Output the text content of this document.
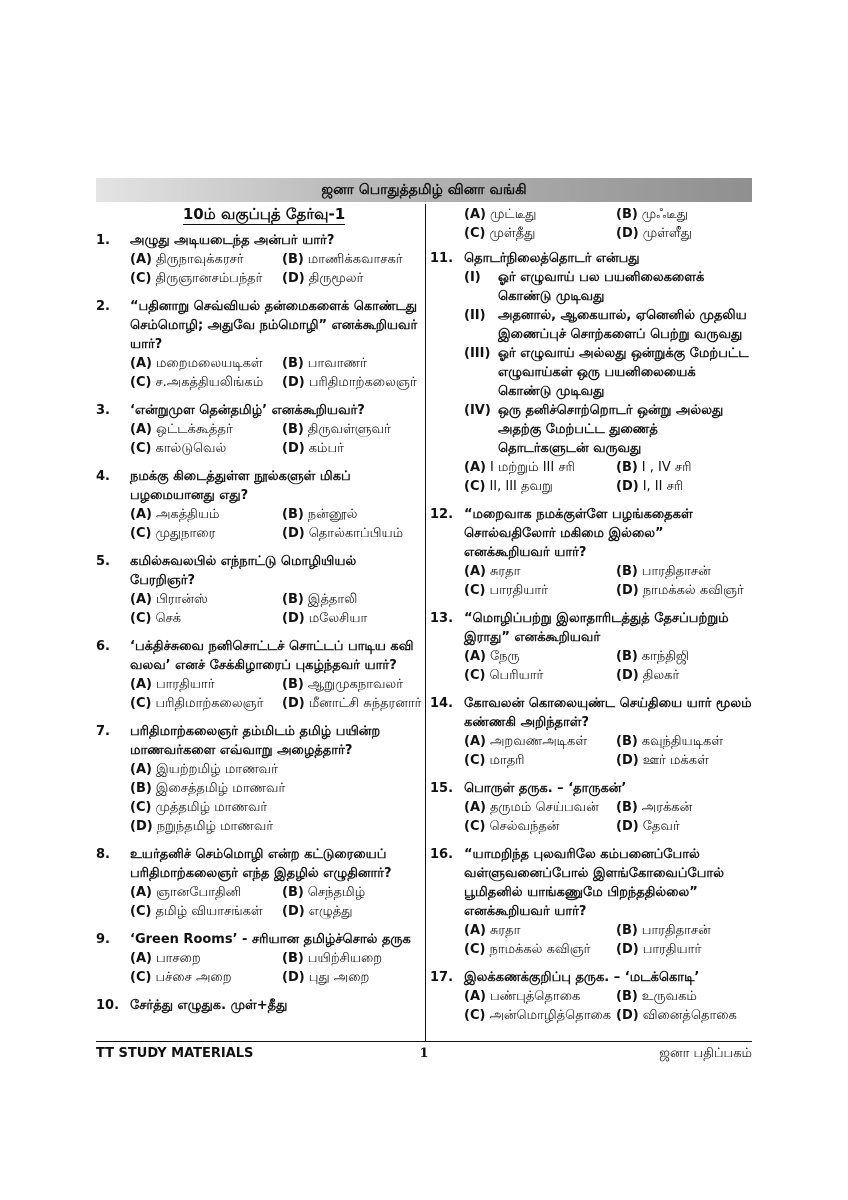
ஜனா பொதுத்தமிழ் வினா வங்கி
10ம் வகுப்புத் தேர்வு-1
1. அழுது அடியடைந்த அன்பர் யார்?
(A) திருநாவுக்கரசர்	(B) மாணிக்கவாசகர்
(C) திருஞானசம்பந்தர்	(D) திருமூலர்
2. “பதினாறு செவ்வியல் தன்மைகளைக் கொண்டது செம்மொழி; அதுவே நம்மொழி” எனக்கூறியவர் யார்?
(A) மறைமலையடிகள்	(B) பாவாணர்
(C) ச.அகத்தியலிங்கம்	(D) பரிதிமாற்கலைஞர்
3. ‘என்றுமுள தென்தமிழ்’ எனக்கூறியவர்?
(A) ஒட்டக்கூத்தர்	(B) திருவள்ளுவர்
(C) கால்டுவெல்	(D) கம்பர்
4. நமக்கு கிடைத்துள்ள நூல்களுள் மிகப் பழமையானது எது?
(A) அகத்தியம்	(B) நன்னூல்
(C) முதுநாரை	(D) தொல்காப்பியம்
5. கமில்சுவலபில் எந்நாட்டு மொழியியல் பேரறிஞர்?
(A) பிரான்ஸ்	(B) இத்தாலி
(C) செக்	(D) மலேசியா
6. ‘பக்திச்சுவை நனிசொட்டச் சொட்டப் பாடிய கவி வலவ’ எனச் சேக்கிழாரைப் புகழ்ந்தவர் யார்?
(A) பாரதியார்	(B) ஆறுமுகநாவலர்
(C) பரிதிமாற்கலைஞர்	(D) மீனாட்சி சுந்தரனார்
7. பரிதிமாற்கலைஞர் தம்மிடம் தமிழ் பயின்ற மாணவர்களை எவ்வாறு அழைத்தார்?
(A) இயற்றமிழ் மாணவர்
(B) இசைத்தமிழ் மாணவர்
(C) முத்தமிழ் மாணவர்
(D) நறுந்தமிழ் மாணவர்
8. உயர்தனிச் செம்மொழி என்ற கட்டுரையைப் பரிதிமாற்கலைஞர் எந்த இதழில் எழுதினார்?
(A) ஞானபோதினி	(B) செந்தமிழ்
(C) தமிழ் வியாசங்கள்	(D) எழுத்து
9. ‘Green Rooms’ - சரியான தமிழ்ச்சொல் தருக
(A) பாசறை	(B) பயிற்சியறை
(C) பச்சை அறை	(D) புது அறை
10. சேர்த்து எழுதுக. முள்+தீது
(A) முட்டீது	(B) முஃடீது
(C) முள்தீது	(D) முள்ளீது
11. தொடர்நிலைத்தொடர் என்பது
(I) ஓர் எழுவாய் பல பயனிலைகளைக் கொண்டு முடிவது
(II) அதனால், ஆகையால், ஏனெனில் முதலிய இணைப்புச் சொற்களைப் பெற்று வருவது
(III) ஓர் எழுவாய் அல்லது ஒன்றுக்கு மேற்பட்ட எழுவாய்கள் ஒரு பயனிலையைக் கொண்டு முடிவது
(IV) ஒரு தனிச்சொற்றொடர் ஒன்று அல்லது அதற்கு மேற்பட்ட துணைத் தொடர்களுடன் வருவது
(A) I மற்றும் III சரி	(B) I , IV சரி
(C) II, III தவறு	(D) I, II சரி
12. “மறைவாக நமக்குள்ளே பழங்கதைகள் சொல்வதிலோர் மகிமை இல்லை” எனக்கூறியவர் யார்?
(A) சுரதா	(B) பாரதிதாசன்
(C) பாரதியார்	(D) நாமக்கல் கவிஞர்
13. “மொழிப்பற்று இலாதாரிடத்துத் தேசப்பற்றும் இராது” எனக்கூறியவர்
(A) நேரு	(B) காந்திஜி
(C) பெரியார்	(D) திலகர்
14. கோவலன் கொலையுண்ட செய்தியை யார் மூலம் கண்ணகி அறிந்தாள்?
(A) அறவணஅடிகள்	(B) கவுந்தியடிகள்
(C) மாதரி	(D) ஊர் மக்கள்
15. பொருள் தருக. – ‘தாருகன்’
(A) தருமம் செய்பவன்	(B) அரக்கன்
(C) செல்வந்தன்	(D) தேவர்
16. “யாமறிந்த புலவரிலே கம்பனைப்போல் வள்ளுவனைப்போல் இளங்கோவைப்போல் பூமிதனில் யாங்கணுமே பிறந்ததில்லை” எனக்கூறியவர் யார்?
(A) சுரதா	(B) பாரதிதாசன்
(C) நாமக்கல் கவிஞர்	(D) பாரதியார்
17. இலக்கணக்குறிப்பு தருக. – ‘மடக்கொடி’
(A) பண்புத்தொகை	(B) உருவகம்
(C) அன்மொழித்தொகை (D) வினைத்தொகை
TT STUDY MATERIALS	1	ஜனா பதிப்பகம்
